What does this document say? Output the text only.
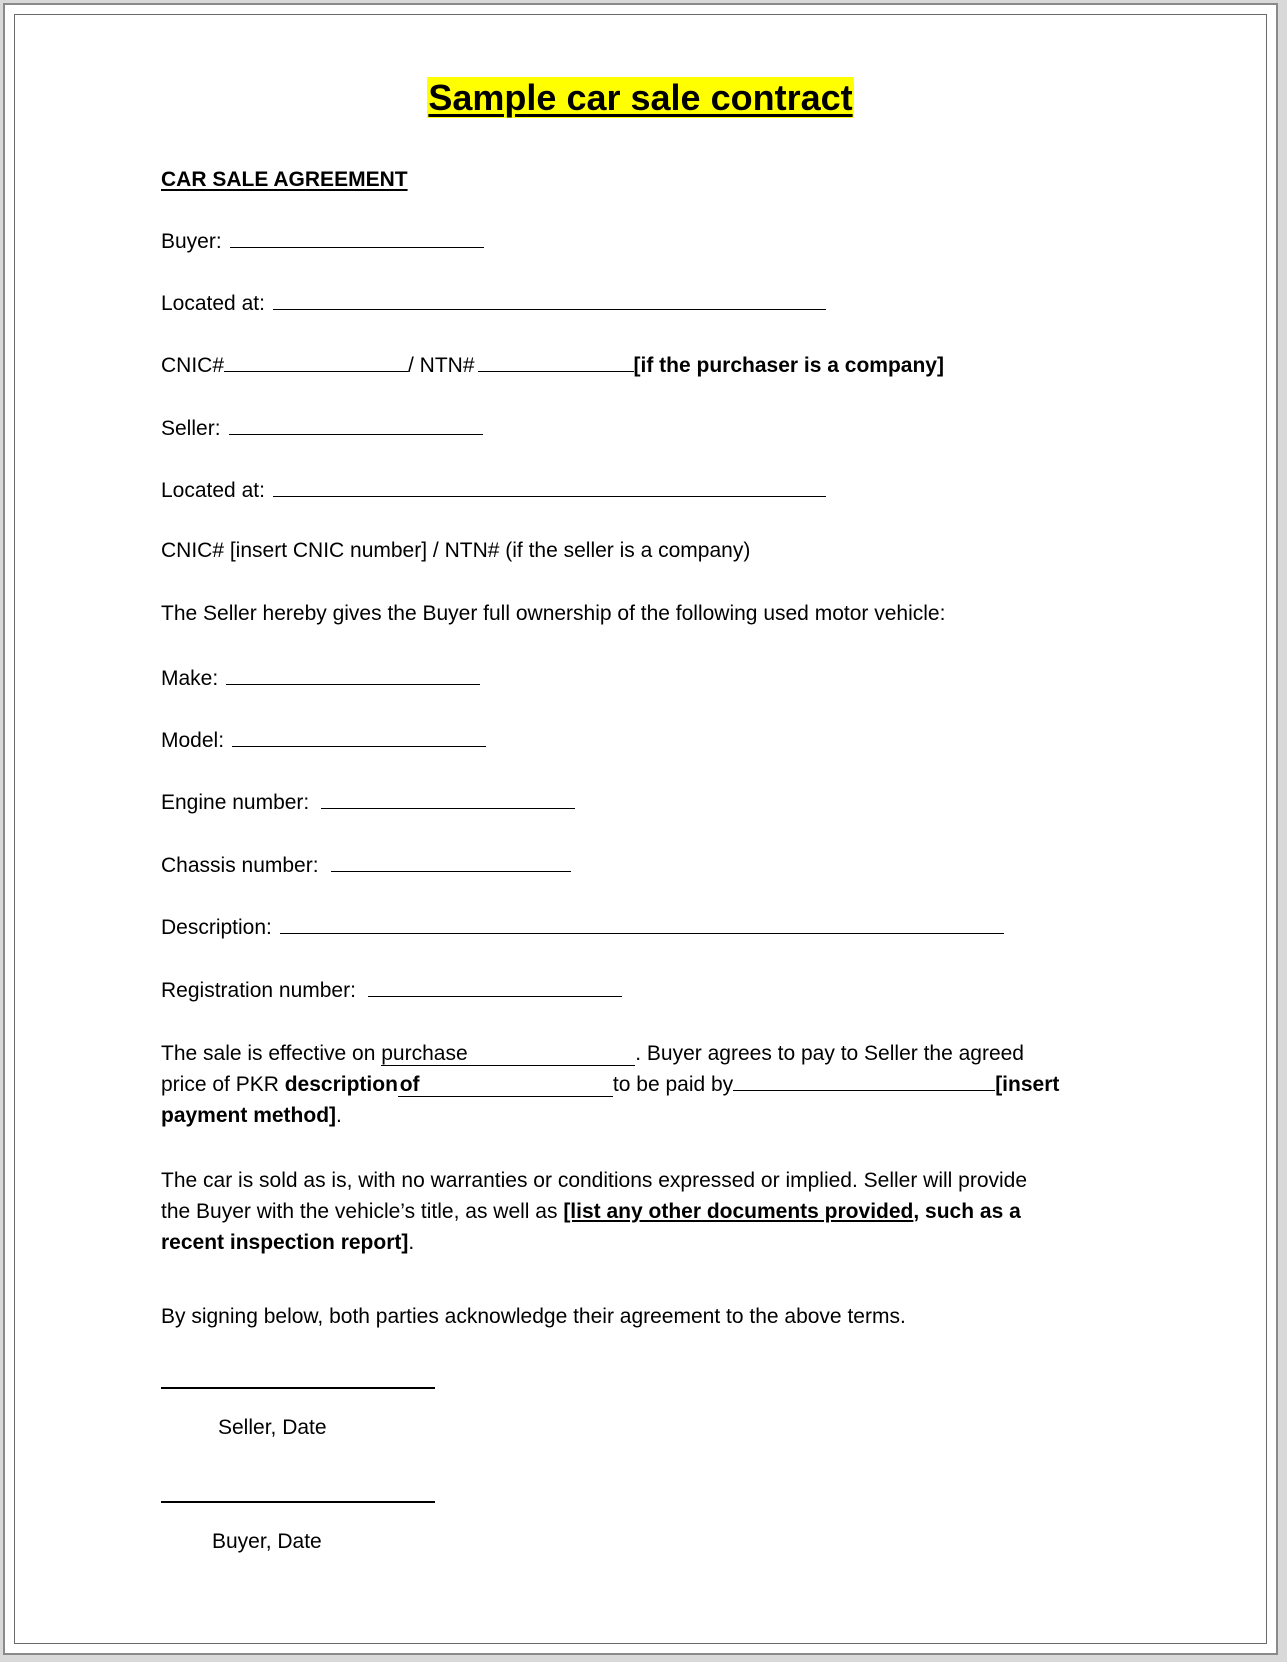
Sample car sale contract
CAR SALE AGREEMENT
Buyer:
Located at:
CNIC#	/ NTN#	[if the purchaser is a company]
Seller:
Located at:
CNIC# [insert CNIC number] / NTN# (if the seller is a company)
The Seller hereby gives the Buyer full ownership of the following used motor vehicle:
Make:
Model:
Engine number:
Chassis number:
Description:
Registration number:
The sale is effective on purchase	. Buyer agrees to pay to Seller the agreed
price of PKR description of	to be paid by	[insert
payment method].
The car is sold as is, with no warranties or conditions expressed or implied. Seller will provide
the Buyer with the vehicle’s title, as well as [list any other documents provided, such as a
recent inspection report].
By signing below, both parties acknowledge their agreement to the above terms.
Seller, Date
Buyer, Date
